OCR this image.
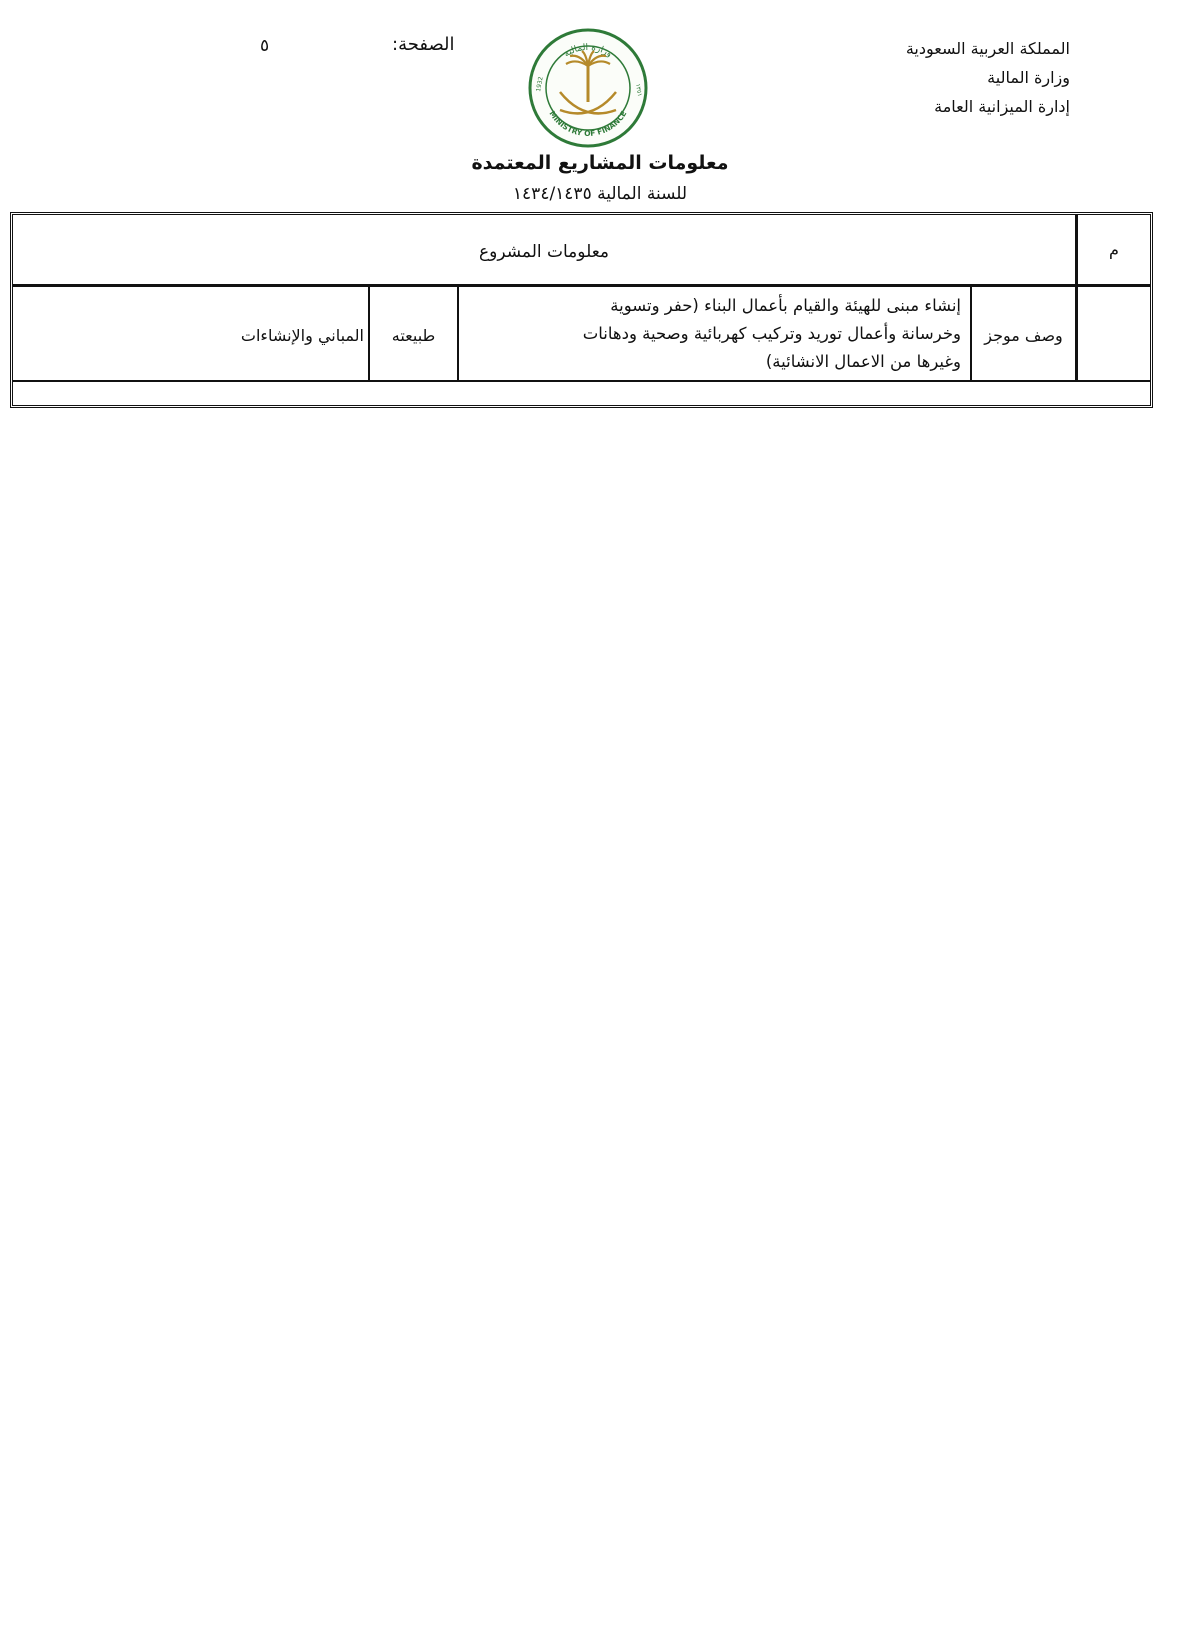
المملكة العربية السعودية
وزارة المالية
إدارة الميزانية العامة
الصفحة:
٥	وزارة المالية
MINISTRY OF FINANCE
1932	١٣٥١
معلومات المشاريع المعتمدة
للسنة المالية ١٤٣٤/١٤٣٥
م
معلومات المشروع
وصف موجز
إنشاء مبنى للهيئة والقيام بأعمال البناء (حفر وتسوية
وخرسانة وأعمال توريد وتركيب كهربائية وصحية ودهانات
وغيرها من الاعمال الانشائية)
طبيعته
المباني والإنشاءات
